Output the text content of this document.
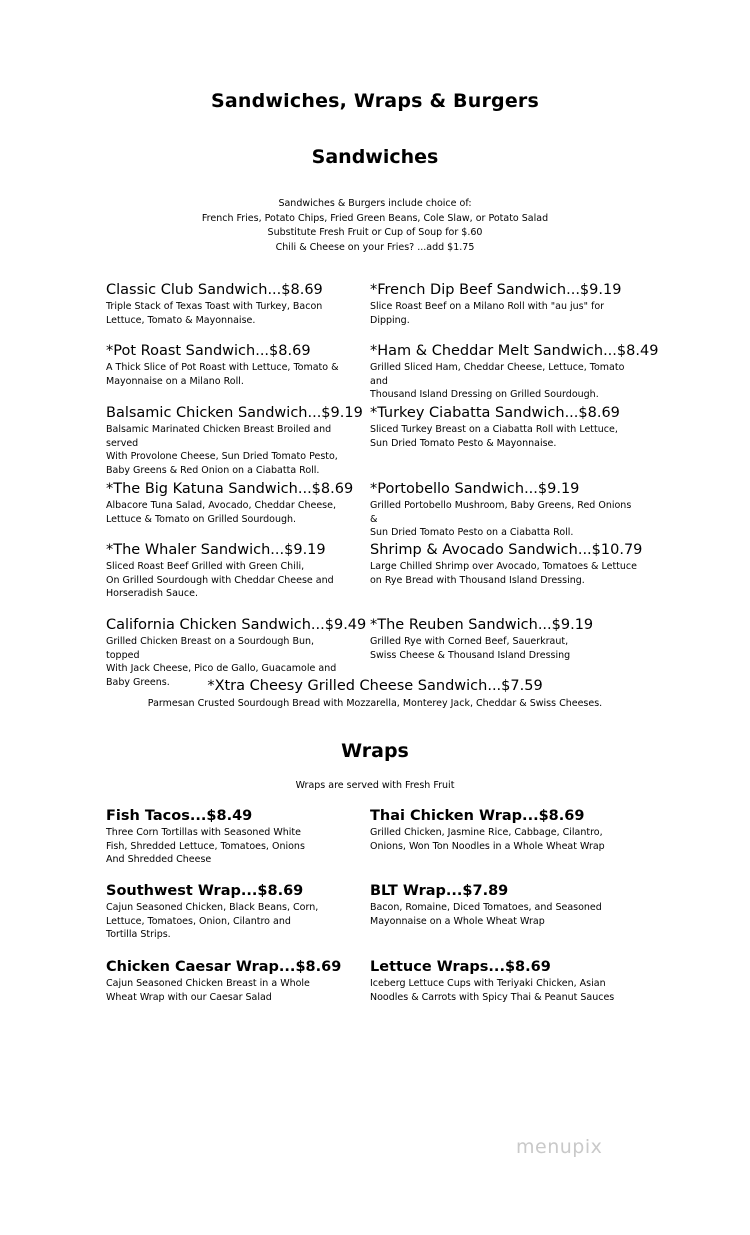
Sandwiches, Wraps & Burgers
Sandwiches
Sandwiches & Burgers include choice of:
French Fries, Potato Chips, Fried Green Beans, Cole Slaw, or Potato Salad
Substitute Fresh Fruit or Cup of Soup for $.60
Chili & Cheese on your Fries? ...add $1.75
Classic Club Sandwich...$8.69
Triple Stack of Texas Toast with Turkey, Bacon
Lettuce, Tomato & Mayonnaise.
*French Dip Beef Sandwich...$9.19
Slice Roast Beef on a Milano Roll with "au jus" for
Dipping.
*Pot Roast Sandwich...$8.69
A Thick Slice of Pot Roast with Lettuce, Tomato &
Mayonnaise on a Milano Roll.
*Ham & Cheddar Melt Sandwich...$8.49
Grilled Sliced Ham, Cheddar Cheese, Lettuce, Tomato and
Thousand Island Dressing on Grilled Sourdough.
Balsamic Chicken Sandwich...$9.19
Balsamic Marinated Chicken Breast Broiled and served
With Provolone Cheese, Sun Dried Tomato Pesto,
Baby Greens & Red Onion on a Ciabatta Roll.
*Turkey Ciabatta Sandwich...$8.69
Sliced Turkey Breast on a Ciabatta Roll with Lettuce,
Sun Dried Tomato Pesto & Mayonnaise.
*The Big Katuna Sandwich...$8.69
Albacore Tuna Salad, Avocado, Cheddar Cheese,
Lettuce & Tomato on Grilled Sourdough.
*Portobello Sandwich...$9.19
Grilled Portobello Mushroom, Baby Greens, Red Onions &
Sun Dried Tomato Pesto on a Ciabatta Roll.
*The Whaler Sandwich...$9.19
Sliced Roast Beef Grilled with Green Chili,
On Grilled Sourdough with Cheddar Cheese and
Horseradish Sauce.
Shrimp & Avocado Sandwich...$10.79
Large Chilled Shrimp over Avocado, Tomatoes & Lettuce
on Rye Bread with Thousand Island Dressing.
California Chicken Sandwich...$9.49
Grilled Chicken Breast on a Sourdough Bun, topped
With Jack Cheese, Pico de Gallo, Guacamole and
Baby Greens.
*The Reuben Sandwich...$9.19
Grilled Rye with Corned Beef, Sauerkraut,
Swiss Cheese & Thousand Island Dressing
*Xtra Cheesy Grilled Cheese Sandwich...$7.59
Parmesan Crusted Sourdough Bread with Mozzarella, Monterey Jack, Cheddar & Swiss Cheeses.
Wraps
Wraps are served with Fresh Fruit
Fish Tacos...$8.49
Three Corn Tortillas with Seasoned White
Fish, Shredded Lettuce, Tomatoes, Onions
And Shredded Cheese
Thai Chicken Wrap...$8.69
Grilled Chicken, Jasmine Rice, Cabbage, Cilantro,
Onions, Won Ton Noodles in a Whole Wheat Wrap
Southwest Wrap...$8.69
Cajun Seasoned Chicken, Black Beans, Corn,
Lettuce, Tomatoes, Onion, Cilantro and
Tortilla Strips.
BLT Wrap...$7.89
Bacon, Romaine, Diced Tomatoes, and Seasoned
Mayonnaise on a Whole Wheat Wrap
Chicken Caesar Wrap...$8.69
Cajun Seasoned Chicken Breast in a Whole
Wheat Wrap with our Caesar Salad
Lettuce Wraps...$8.69
Iceberg Lettuce Cups with Teriyaki Chicken, Asian
Noodles & Carrots with Spicy Thai & Peanut Sauces
menupix
